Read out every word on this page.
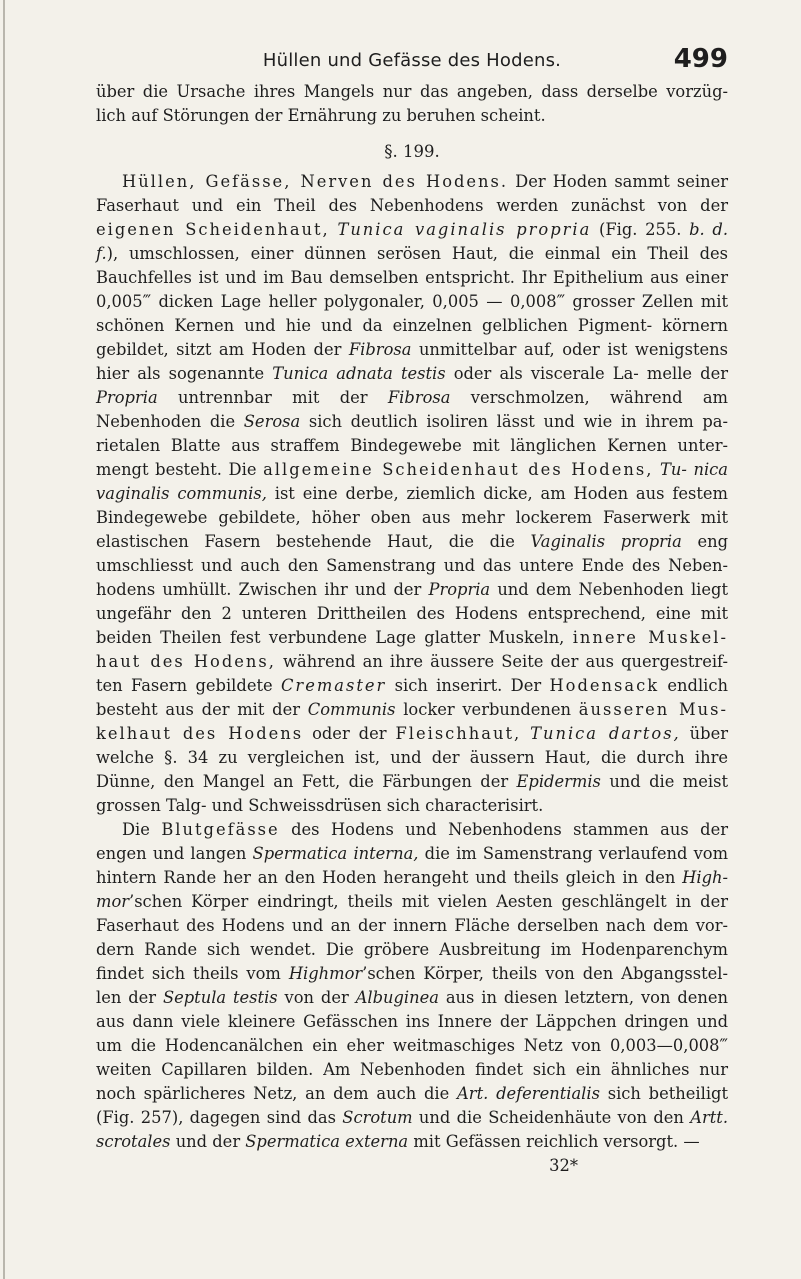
Hüllen und Gefässe des Hodens.	499

über die Ursache ihres Mangels nur das angeben, dass derselbe vorzüg- lich auf Störungen der Ernährung zu beruhen scheint.

§. 199.

Hüllen, Gefässe, Nerven des Hodens. Der Hoden sammt seiner Faserhaut und ein Theil des Nebenhodens werden zunächst von der eigenen Scheidenhaut, Tunica vaginalis propria (Fig. 255. b. d. f.), umschlossen, einer dünnen serösen Haut, die einmal ein Theil des Bauchfelles ist und im Bau demselben entspricht. Ihr Epithelium aus einer 0,005‴ dicken Lage heller polygonaler, 0,005 — 0,008‴ grosser Zellen mit schönen Kernen und hie und da einzelnen gelblichen Pigment- körnern gebildet, sitzt am Hoden der Fibrosa unmittelbar auf, oder ist wenigstens hier als sogenannte Tunica adnata testis oder als viscerale La- melle der Propria untrennbar mit der Fibrosa verschmolzen, während am Nebenhoden die Serosa sich deutlich isoliren lässt und wie in ihrem pa- rietalen Blatte aus straffem Bindegewebe mit länglichen Kernen unter- mengt besteht. Die allgemeine Scheidenhaut des Hodens, Tu- nica vaginalis communis, ist eine derbe, ziemlich dicke, am Hoden aus festem Bindegewebe gebildete, höher oben aus mehr lockerem Faserwerk mit elastischen Fasern bestehende Haut, die die Vaginalis propria eng umschliesst und auch den Samenstrang und das untere Ende des Neben- hodens umhüllt. Zwischen ihr und der Propria und dem Nebenhoden liegt ungefähr den 2 unteren Drittheilen des Hodens entsprechend, eine mit beiden Theilen fest verbundene Lage glatter Muskeln, innere Muskel- haut des Hodens, während an ihre äussere Seite der aus quergestreif- ten Fasern gebildete Cremaster sich inserirt. Der Hodensack endlich besteht aus der mit der Communis locker verbundenen äusseren Mus- kelhaut des Hodens oder der Fleischhaut, Tunica dartos, über welche §. 34 zu vergleichen ist, und der äussern Haut, die durch ihre Dünne, den Mangel an Fett, die Färbungen der Epidermis und die meist grossen Talg- und Schweissdrüsen sich characterisirt.

Die Blutgefässe des Hodens und Nebenhodens stammen aus der engen und langen Spermatica interna, die im Samenstrang verlaufend vom hintern Rande her an den Hoden herangeht und theils gleich in den High- mor’schen Körper eindringt, theils mit vielen Aesten geschlängelt in der Faserhaut des Hodens und an der innern Fläche derselben nach dem vor- dern Rande sich wendet. Die gröbere Ausbreitung im Hodenparenchym findet sich theils vom Highmor’schen Körper, theils von den Abgangsstel- len der Septula testis von der Albuginea aus in diesen letztern, von denen aus dann viele kleinere Gefässchen ins Innere der Läppchen dringen und um die Hodencanälchen ein eher weitmaschiges Netz von 0,003—0,008‴ weiten Capillaren bilden. Am Nebenhoden findet sich ein ähnliches nur noch spärlicheres Netz, an dem auch die Art. deferentialis sich betheiligt (Fig. 257), dagegen sind das Scrotum und die Scheidenhäute von den Artt. scrotales und der Spermatica externa mit Gefässen reichlich versorgt. —

32*
